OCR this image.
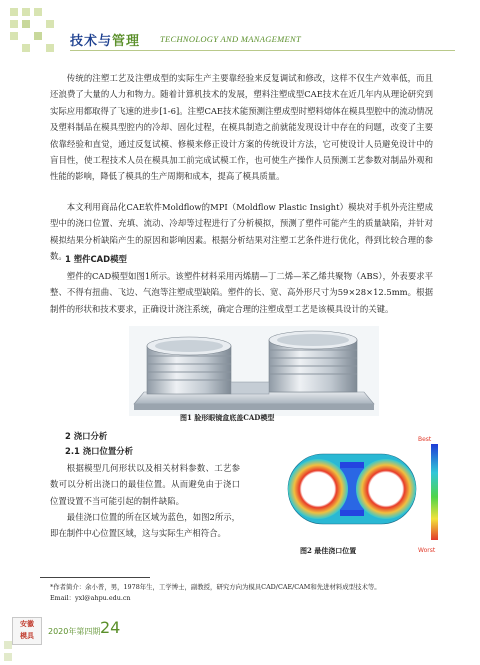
技术与管理 TECHNOLOGY AND MANAGEMENT

传统的注塑工艺及注塑成型的实际生产主要靠经验来反复调试和修改，这样不仅生产效率低，而且还浪费了大量的人力和物力。随着计算机技术的发展，塑料注塑成型CAE技术在近几年内从理论研究到实际应用都取得了飞速的进步[1-6]。注塑CAE技术能预测注塑成型时塑料熔体在模具型腔中的流动情况及塑料制品在模具型腔内的冷却、固化过程，在模具制造之前就能发现设计中存在的问题，改变了主要依靠经验和直觉，通过反复试模、修模来修正设计方案的传统设计方法，它可使设计人员避免设计中的盲目性，使工程技术人员在模具加工前完成试模工作，也可使生产操作人员预测工艺参数对制品外观和性能的影响，降低了模具的生产周期和成本，提高了模具质量。

本文利用商品化CAE软件Moldflow的MPI（Moldflow Plastic Insight）模块对手机外壳注塑成型中的浇口位置、充填、流动、冷却等过程进行了分析模拟，预测了塑件可能产生的质量缺陷，并针对模拟结果分析缺陷产生的原因和影响因素。根据分析结果对注塑工艺条件进行优化，得到比较合理的参数。

1 塑件CAD模型

塑件的CAD模型如图1所示。该塑件材料采用丙烯腈—丁二烯—苯乙烯共聚物（ABS），外表要求平整、不得有扭曲、飞边、气泡等注塑成型缺陷。塑件的长、宽、高外形尺寸为59×28×12.5mm。根据制件的形状和技术要求，正确设计浇注系统，确定合理的注塑成型工艺是该模具设计的关键。

图1 脸形眼镜盒底盖CAD模型
2 浇口分析
2.1 浇口位置分析

根据模型几何形状以及相关材料参数、工艺参数可以分析出浇口的最佳位置。从而避免由于浇口位置设置不当可能引起的制件缺陷。

最佳浇口位置的所在区域为蓝色，如图2所示，即在制件中心位置区域，这与实际生产相符合。

Best
Worst
图2 最佳浇口位置
*作者简介：余小普，男，1978年生，工学博士，副教授，研究方向为模具CAD/CAE/CAM和先进材料成型技术等。
Email：yxl@ahpu.edu.cn
安徽
模具	2020年第四期 24
